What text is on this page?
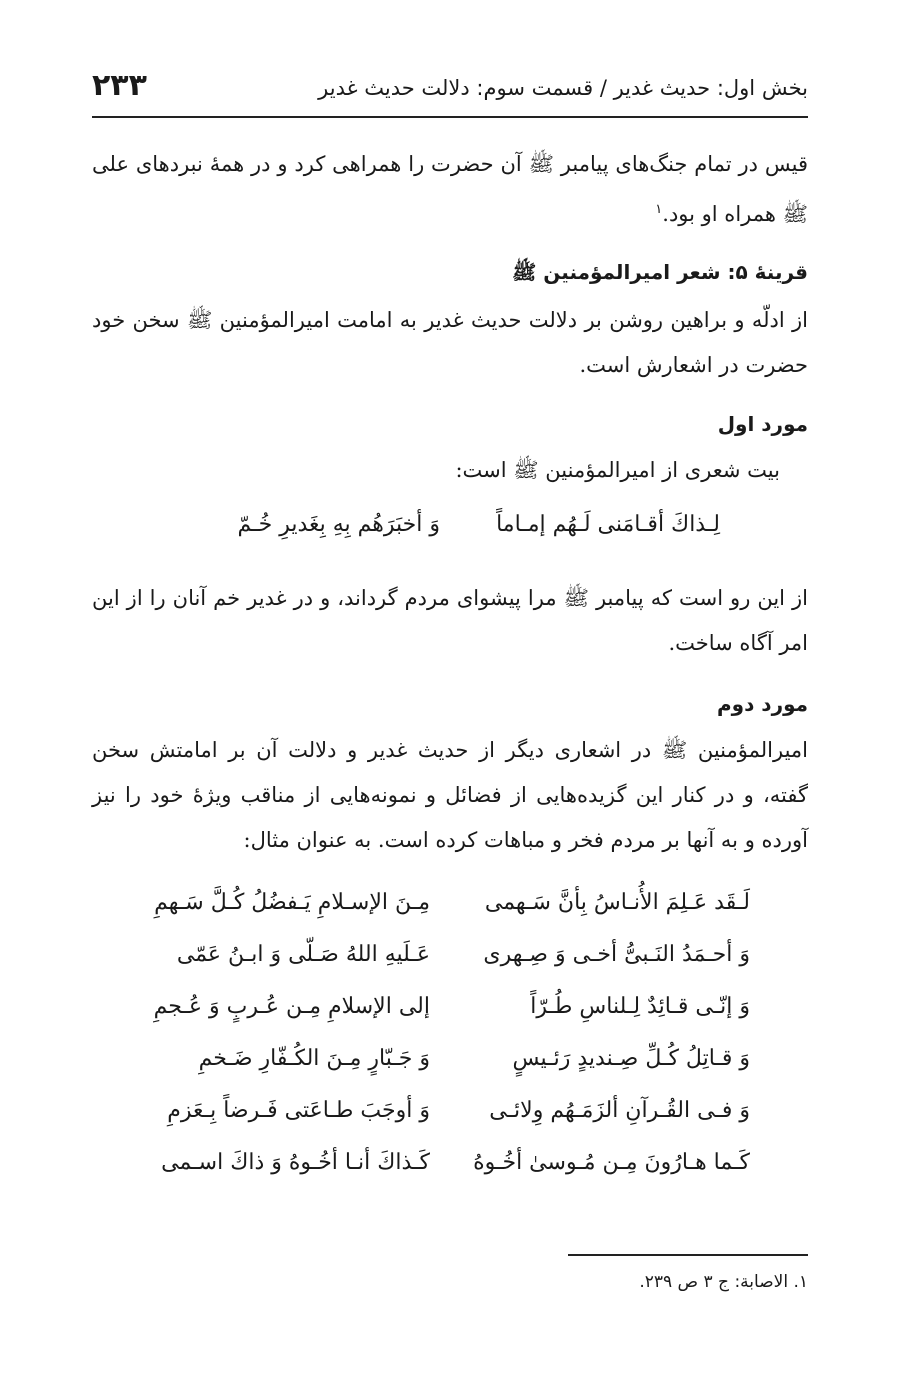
بخش اول: حدیث غدیر / قسمت سوم: دلالت حدیث غدیر
۲۳۳
قیس در تمام جنگ‌های پیامبر ﷺ آن حضرت را همراهی کرد و در همهٔ نبردهای علی ﷺ همراه او بود.$^۱$
قرینهٔ ۵: شعر امیرالمؤمنین ﷺ
از ادلّه و براهین روشن بر دلالت حدیث غدیر به امامت امیرالمؤمنین ﷺ سخن خود حضرت در اشعارش است.
مورد اول
بیت شعری از امیرالمؤمنین ﷺ است:
لِـذاكَ أقـامَنی لَـهُم إمـاماً
وَ أخبَرَهُم بِهِ بِغَدیرِ خُـمّ
از این رو است که پیامبر ﷺ مرا پیشوای مردم گرداند، و در غدیر خم آنان را از این امر آگاه ساخت.
مورد دوم
امیرالمؤمنین ﷺ در اشعاری دیگر از حدیث غدیر و دلالت آن بر امامتش سخن گفته، و در کنار این گزیده‌هایی از فضائل و نمونه‌هایی از مناقب ویژهٔ خود را نیز آورده و به آنها بر مردم فخر و مباهات کرده است. به عنوان مثال:
لَـقَد عَـلِمَ الأُنـاسُ بِأنَّ سَـهمی
مِـنَ الإسـلامِ یَـفضُلُ کُـلَّ سَـهمِ
وَ أحـمَدُ النَـبیُّ أخـی وَ صِـهری
عَـلَیهِ اللهُ صَـلّی وَ ابـنُ عَمّی
وَ إنّـی قـائِدٌ لِـلناسِ طُـرّاً
إلی الإسلامِ مِـن عُـربٍ وَ عُـجمِ
وَ قـاتِلُ کُـلِّ صِـندیدٍ رَئـیسٍ
وَ جَـبّارٍ مِـنَ الکُـفّارِ ضَـخمِ
وَ فـی القُـرآنِ ألزَمَـهُم وِلائـی
وَ أوجَبَ طـاعَتی فَـرضاً بِـعَزمِ
کَـما هـارُونَ مِـن مُـوسیٰ أخُـوهُ
کَـذاكَ أنـا أخُـوهُ وَ ذاكَ اسـمی
۱. الاصابة: ج ۳ ص ۲۳۹.
